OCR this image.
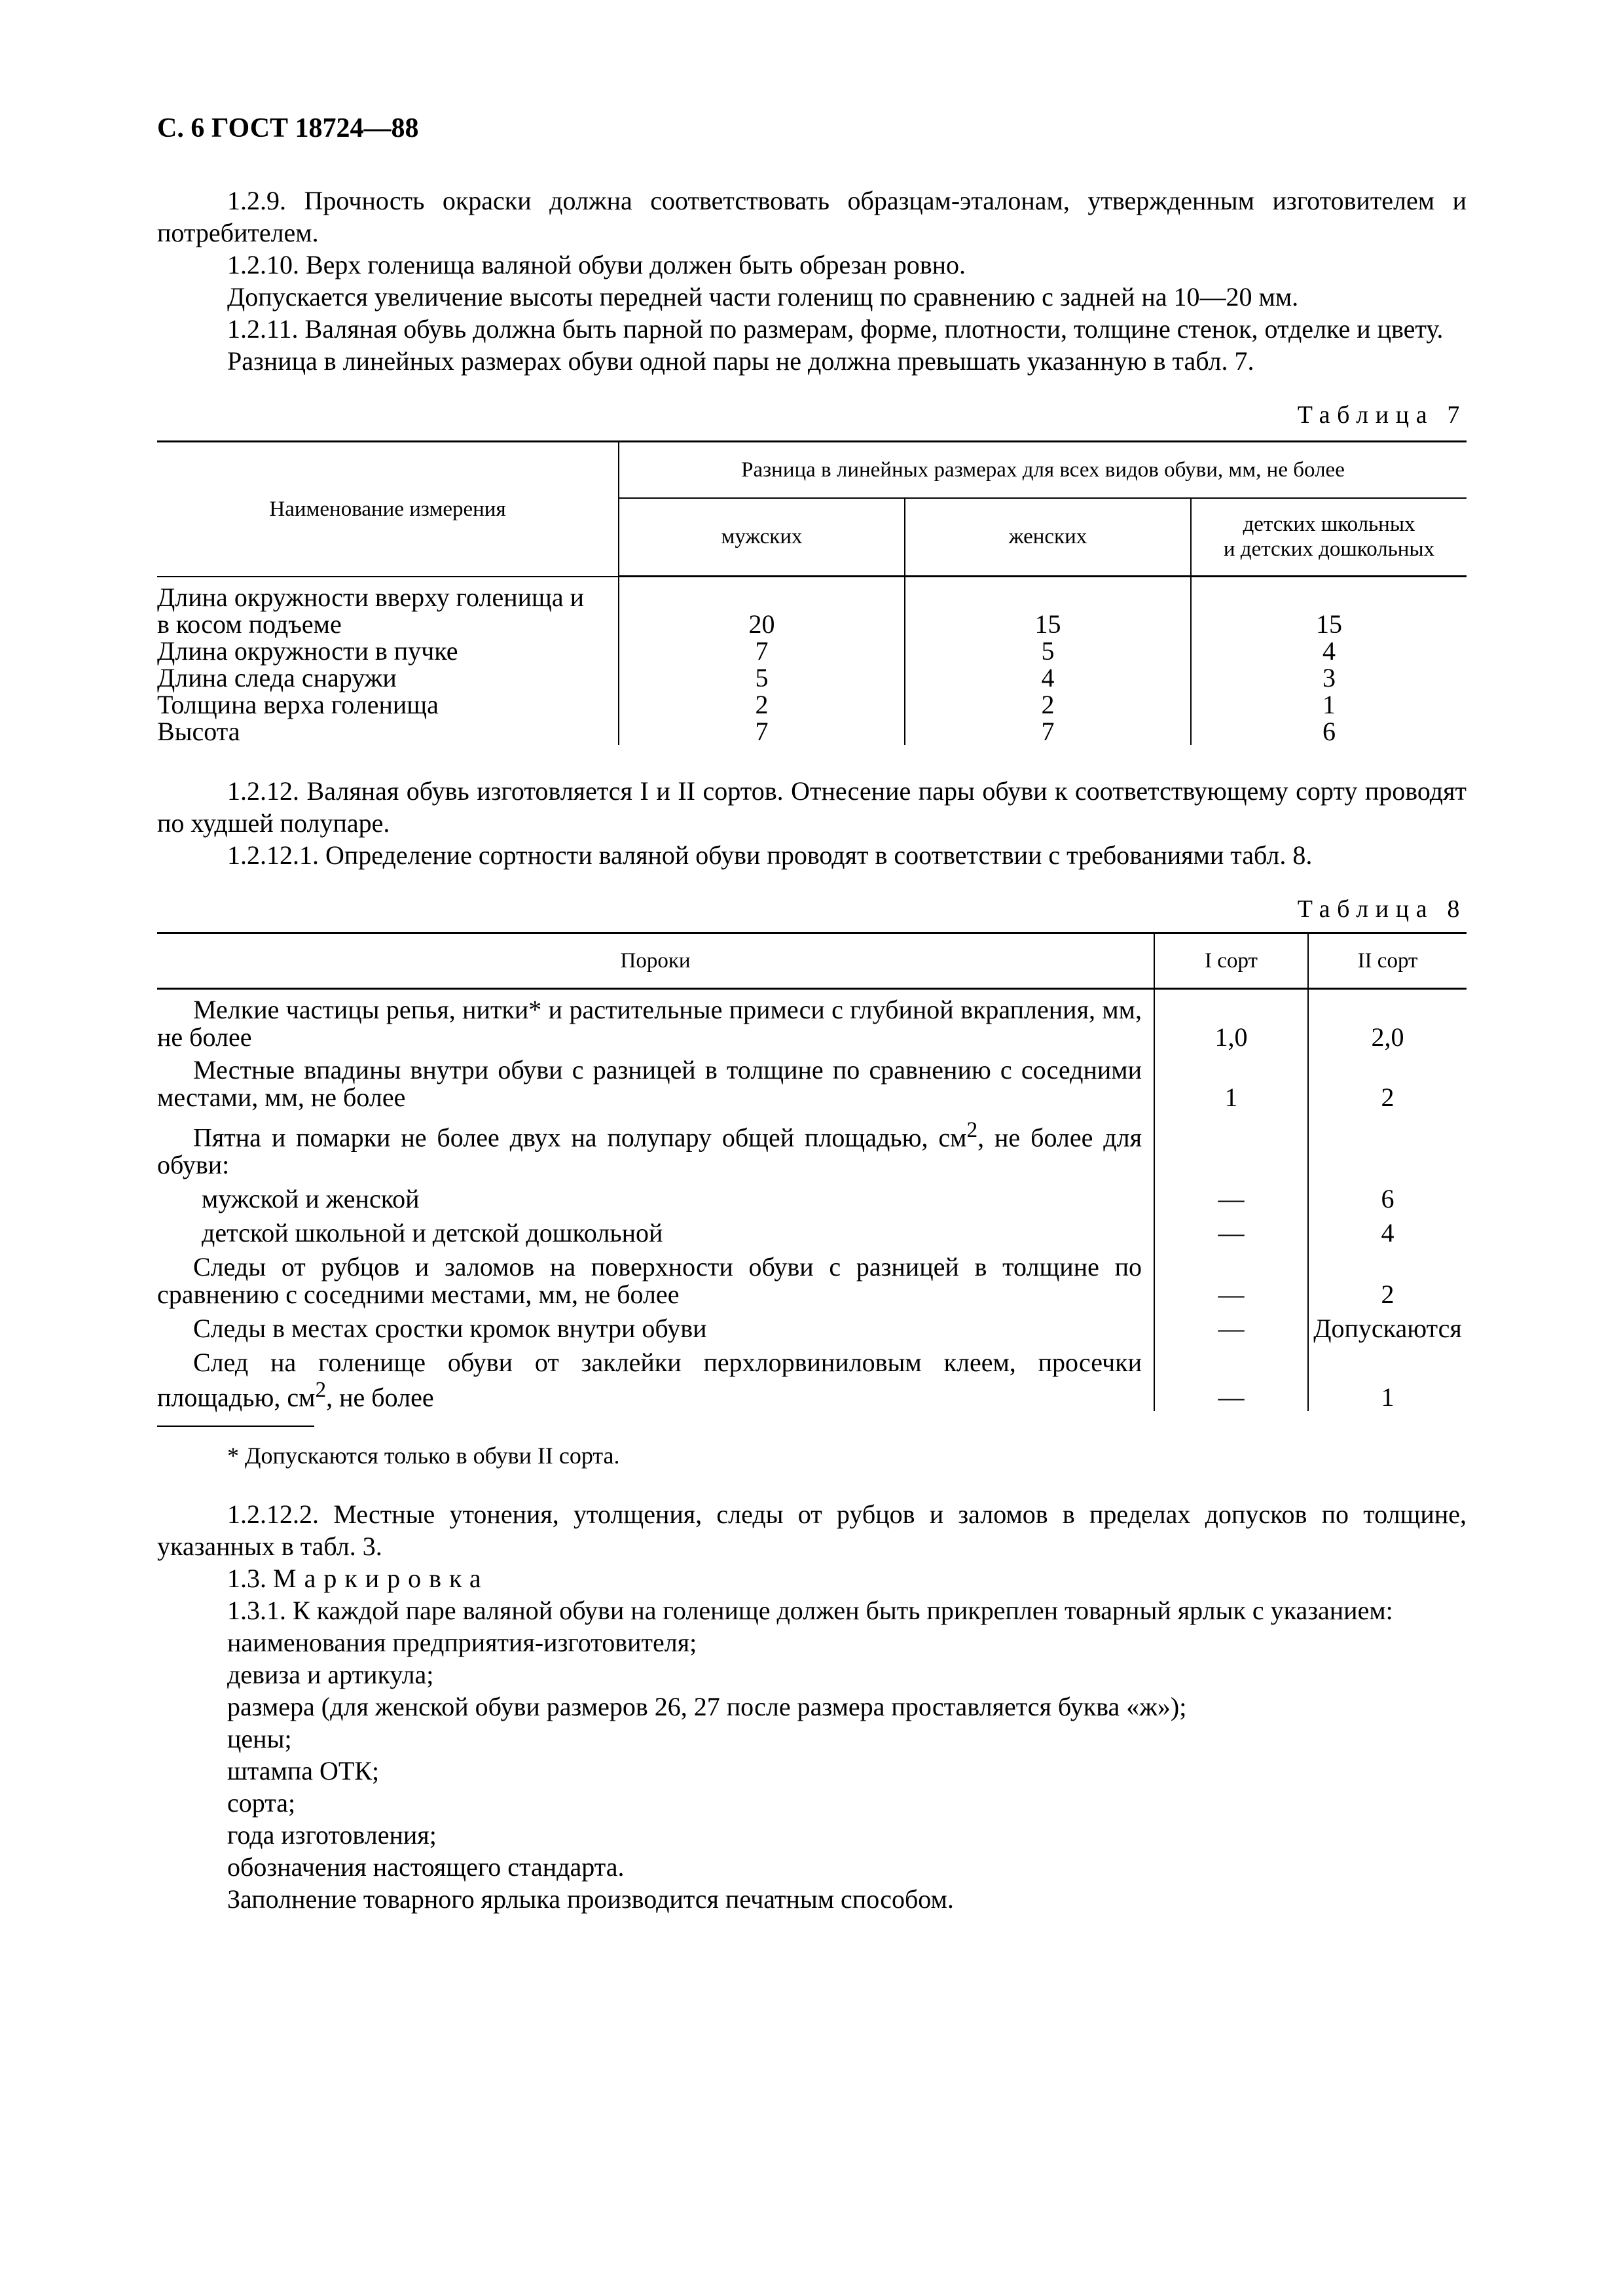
С. 6 ГОСТ 18724—88

1.2.9. Прочность окраски должна соответствовать образцам-эталонам, утвержденным изготовителем и потребителем.

1.2.10. Верх голенища валяной обуви должен быть обрезан ровно.

Допускается увеличение высоты передней части голенищ по сравнению с задней на 10—20 мм.

1.2.11. Валяная обувь должна быть парной по размерам, форме, плотности, толщине стенок, отделке и цвету.

Разница в линейных размерах обуви одной пары не должна превышать указанную в табл. 7.

Таблица 7
Наименование измерения	Разница в линейных размерах для всех видов обуви, мм, не более		
	мужских	женских	детских школьных
и детских дошкольных
Длина окружности вверху голенища и
в косом подъеме	20	15	15
Длина окружности в пучке	7	5	4
Длина следа снаружи	5	4	3
Толщина верха голенища	2	2	1
Высота	7	7	6

1.2.12. Валяная обувь изготовляется I и II сортов. Отнесение пары обуви к соответствующему сорту проводят по худшей полупаре.

1.2.12.1. Определение сортности валяной обуви проводят в соответствии с требованиями табл. 8.

Таблица 8
Пороки	I сорт	II сорт
Мелкие частицы репья, нитки* и растительные примеси с глубиной вкрапления, мм, не более	1,0	2,0
Местные впадины внутри обуви с разницей в толщине по сравнению с соседними местами, мм, не более	1	2
Пятна и помарки не более двух на полупару общей площадью, $см^2$, не более для обуви:		
мужской и женской	—	6
детской школьной и детской дошкольной	—	4
Следы от рубцов и заломов на поверхности обуви с разницей в толщине по сравнению с соседними местами, мм, не более	—	2
Следы в местах сростки кромок внутри обуви	—	Допускаются
След на голенище обуви от заклейки перхлорвиниловым клеем, просечки площадью, $см^2$, не более	—	1
* Допускаются только в обуви II сорта.

1.2.12.2. Местные утонения, утолщения, следы от рубцов и заломов в пределах допусков по толщине, указанных в табл. 3.

1.3. Маркировка

1.3.1. К каждой паре валяной обуви на голенище должен быть прикреплен товарный ярлык с указанием:

наименования предприятия-изготовителя;

девиза и артикула;

размера (для женской обуви размеров 26, 27 после размера проставляется буква «ж»);

цены;

штампа ОТК;

сорта;

года изготовления;

обозначения настоящего стандарта.

Заполнение товарного ярлыка производится печатным способом.
